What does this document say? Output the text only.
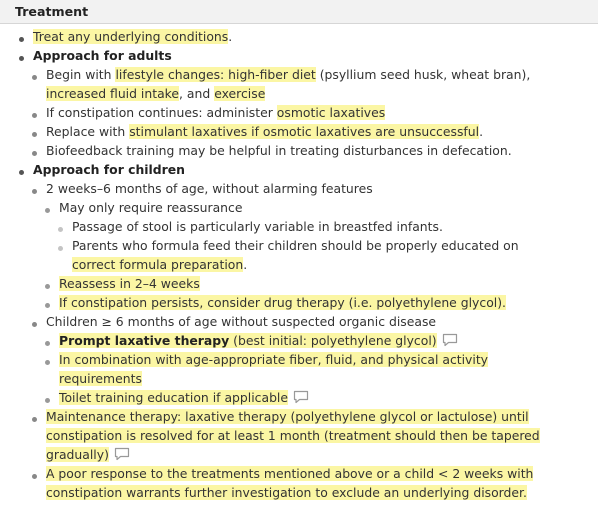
Treatment
Treat any underlying conditions.
Approach for adults
Begin with lifestyle changes: high-fiber diet (psyllium seed husk, wheat bran),
increased fluid intake, and exercise
If constipation continues: administer osmotic laxatives
Replace with stimulant laxatives if osmotic laxatives are unsuccessful.
Biofeedback training may be helpful in treating disturbances in defecation.
Approach for children
2 weeks–6 months of age, without alarming features
May only require reassurance
Passage of stool is particularly variable in breastfed infants.
Parents who formula feed their children should be properly educated on
correct formula preparation.
Reassess in 2–4 weeks
If constipation persists, consider drug therapy (i.e. polyethylene glycol).
Children ≥ 6 months of age without suspected organic disease
Prompt laxative therapy (best initial: polyethylene glycol)
In combination with age-appropriate fiber, fluid, and physical activity
requirements
Toilet training education if applicable
Maintenance therapy: laxative therapy (polyethylene glycol or lactulose) until
constipation is resolved for at least 1 month (treatment should then be tapered
gradually)
A poor response to the treatments mentioned above or a child < 2 weeks with
constipation warrants further investigation to exclude an underlying disorder.
